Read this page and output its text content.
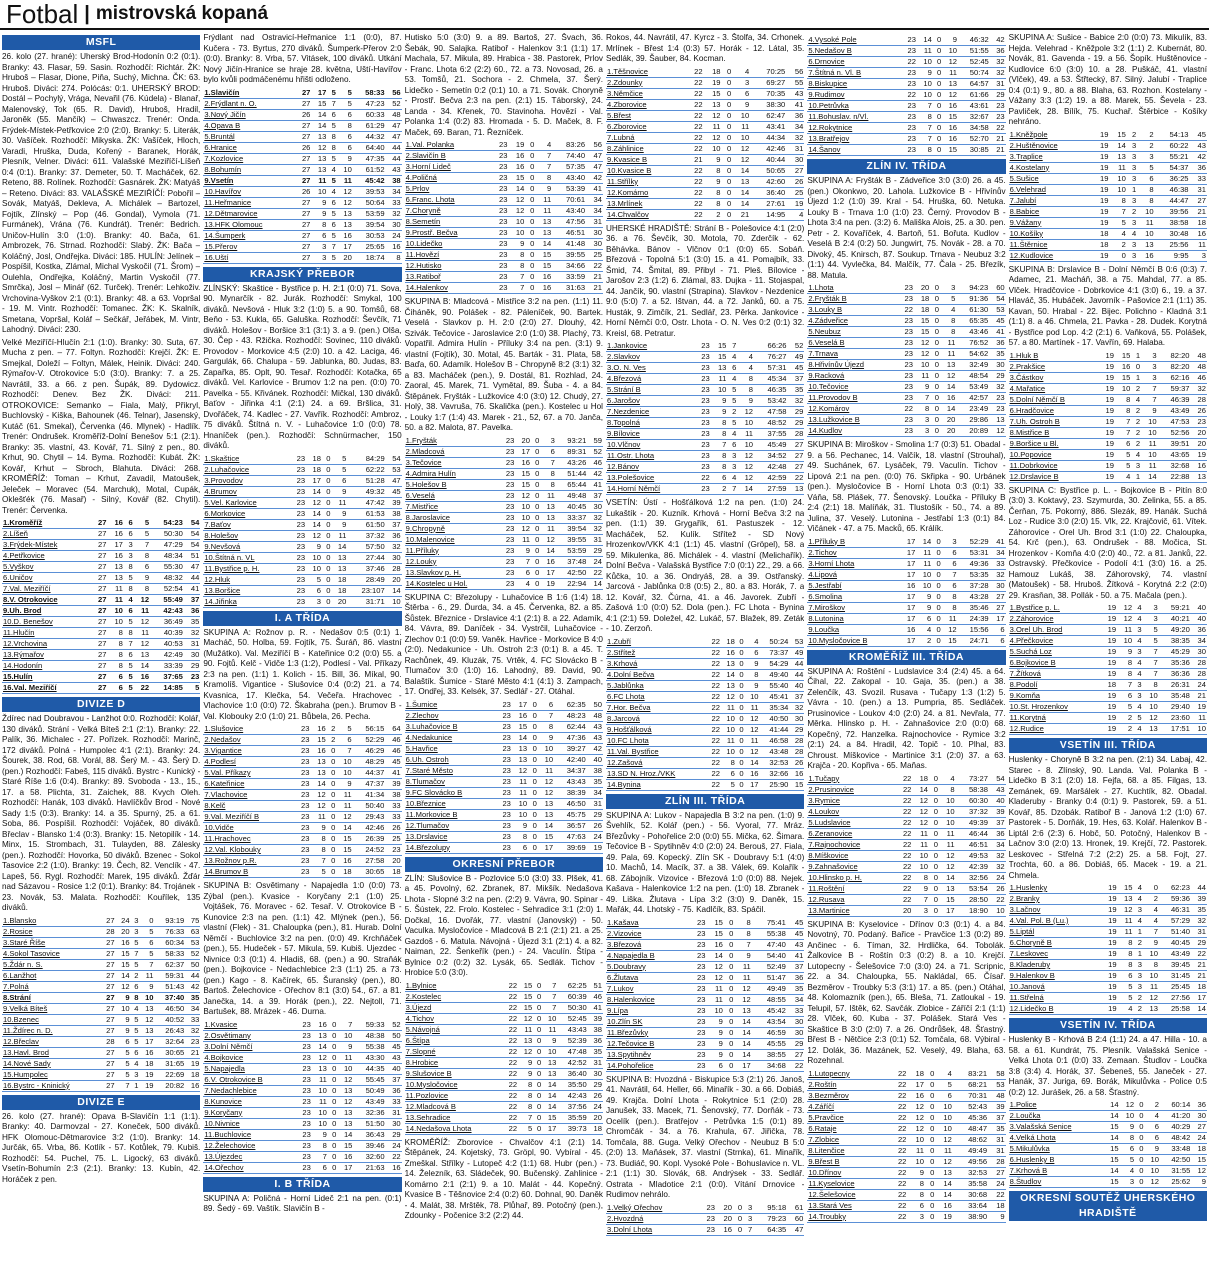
Fotbal | mistrovská kopaná
MSFL

26. kolo (27. hrané): Uherský Brod-Hodonín 0:2 (0:1). Branky: 43. Flasar, 59. Sasin. Rozhodčí: Richtár. ŽK: Hruboš – Flasar, Dione, Piňa, Suchý, Michna. ČK: 63. Hruboš. Diváci: 274. Polócás: 0:1. UHERSKÝ BROD: Dostál – Pochylý, Vrága, Nevařil (76. Kúdela) - Blanař, Malenovský, Tok (65. R. David), Hruboš, Hradil, Jaroněk (55. Mančík) – Chwaszcz. Trenér: Onda. Frýdek-Místek-Petřkovice 2:0 (2:0). Branky: 5. Literák, 30. Vašíček. Rozhodčí: Mikyska. ŽK: Vašíček, Hloch, Varadi, Hruška, Duda, Kořený - Baranek, Horák, Plesník, Velner. Diváci: 611. Valašské Meziříčí-Líšeň 0:4 (0:1). Branky: 37. Demeter, 50. T. Macháček, 62. Reteno, 88. Rolínek. Rozhodčí: Gasnárek. ŽK: Matyáš – Reteno. Diváci: 83. VALAŠSKÉ MEZIŘÍČÍ: Pobořil – Sovák, Matyáš, Dekleva, A. Michálek – Bartozel, Fojtík, Zlínský – Pop (46. Gondal), Vymola (71. Furmánek), Vrána (76. Kundrát). Trenér: Bedrich. Uničov-Hulín 3:0 (1:0). Branky: 40. Bača, 61. Ambrozek, 76. Strnad. Rozhodčí: Slabý. ŽK: Bača – Koláčný, Josl, Ondřejka. Diváci: 185. HULÍN: Jelínek – Pospíšil, Kostka, Zlámal, Michal Vyskočil (71. Šrom) – Oulehla, Ondřejka, Koláčný, Martin Vyskočil (77. Smrčka), Josl – Minář (62. Turček). Trenér: Lehkoživ. Vrchovina-Vyškov 2:1 (0:1). Branky: 48. a 63. Vopršal - 19. M. Vintr. Rozhodčí: Tomanec. ŽK: K. Skalník, Smetana, Vopršal, Koláf – Sečkář, Jeřábek, M. Vintr, Lahodný. Diváci: 230.

Velké Meziříčí-Hlučín 2:1 (1:0). Branky: 30. Suta, 67. Mucha z pen. – 77. Foltyn. Rozhodčí: Krejčí. ŽK: E. Smejkal, Doleží – Foltyn, Málek, Heinik. Diváci: 240. Rýmařov-V. Otrokovice 5:0 (3:0). Branky: 7. a 25. Navrátil, 33. a 66. z pen. Šupák, 89. Dydowicz. Rozhodčí: Denev. Bez ŽK. Diváci: 211. OTROKOVICE: Semanko – Fiala, Malý, Přikryl, Buchlovský - Kiška, Bahounek (46. Telnar), Jasenský, Kutáč (61. Smekal), Červenka (46. Mlynek) - Hadlík. Trenér: Ondrušek. Kroměříž-Dolní Benešov 5:1 (2:1). Branky: 35. vlastní, 43. Kovář, 71. Silný z pen., 80. Krhut, 90. Chytil – 14. Byma. Rozhodčí: Kubát. ŽK: Kovář, Krhut – Sbroch, Blahuta. Diváci: 268. KROMĚŘÍŽ: Toman – Krhut, Zavadil, Matoušek, Jeleček – Moravec (54. Marchuk), Motal, Cupák, Oklešťék (76. Masař) - Silný, Kovář (82. Chytil). Trenér: Červenka.

1.Kroměříž	27	16	6	5	54:23	54
2.Líšeň	27	16	6	5	50:30	54
3.Frýdek-Místek	27	17	3	7	47:29	54
4.Petřkovice	27	16	3	8	48:34	51
5.Vyškov	27	13	8	6	55:30	47
6.Uničov	27	13	5	9	48:32	44
7.Val. Meziříčí	27	11	8	8	52:54	41
8.V. Otrokovice	27	11	4	12	55:49	37
9.Uh. Brod	27	10	6	11	42:43	36
10.D. Benešov	27	10	5	12	36:49	35
11.Hlučín	27	8	8	11	40:39	32
12.Vrchovina	27	8	7	12	40:53	31
13.Rýmařov	27	8	6	13	42:49	30
14.Hodonín	27	8	5	14	33:39	29
15.Hulín	27	6	5	16	37:65	23
16.Val. Meziříčí	27	6	5	22	14:85	5
DIVIZE D

Ždírec nad Doubravou - Lanžhot 0:0. Rozhodčí: Kolář, 130 diváků. Strání - Velká Bíteš 2:1 (2:1). Branky: 22. Palík, 36. Michalec - 27. Pořízek. Rozhodčí: Marinč, 172 diváků. Polná - Humpolec 4:1 (2:1). Branky: 24. Šourek, 38. Rod, 68. Vorál, 88. Šerý M. - 43. Šerý D.(pen.) Rozhodčí: Fabeš, 115 diváků. Bystrc - Kunický - Staré Říše 1:6 (0:4). Branky: 89. Svoboda - 13., 15., 17. a 58. Plichta, 31. Zaichek, 88. Kvych Oleh. Rozhodčí: Hanák, 103 diváků. Havlíčkův Brod - Nové Sady 1:5 (0:3). Branky: 14. a 35. Spurný, 25. a 61. Soba, 86. Pospíšil. Rozhodčí: Vojáček, 80 diváků. Břeclav - Blansko 1:4 (0:3). Branky: 15. Netopilík - 14. Minx, 15. Strombach, 31. Tulayden, 88. Zálesky (pen.). Rozhodčí: Hovorka, 50 diváků. Bzenec - Sokol Tasovice 2:2 (1:0). Branky: 19. Čech, 82. Venclík - 47. Lapeš, 56. Rygl. Rozhodčí: Marek, 195 diváků. Žďár nad Sázavou - Rosice 1:2 (0:1). Branky: 84. Trojánek - 23. Novák, 53. Malata. Rozhodčí: Kouřílek, 135 diváků.

1.Blansko	27	24	3	0	93:19	75
2.Rosice	28	20	3	5	76:33	63
3.Staré Říše	27	16	5	6	60:34	53
4.Sokol Tasovice	27	15	7	5	58:33	52
5.Ždár n. S.	27	15	5	7	62:37	50
6.Lanžhot	27	14	2	11	59:31	44
7.Polná	27	12	6	9	51:43	42
8.Strání	27	9	8	10	37:40	35
9.Velká Bíteš	27	10	4	13	46:50	34
10.Bzenec	27	9	5	12	40:52	33
11.Ždírec n. D.	27	9	5	13	26:43	32
12.Břeclav	28	6	5	17	32:64	23
13.Havl. Brod	27	5	6	16	30:65	21
14.Nové Sady	27	5	4	18	31:65	19
15.Humpolec	27	5	3	19	22:69	18
16.Bystrc - Kninický	27	7	1	19	20:82	16
DIVIZE E

26. kolo (27. hrané): Opava B-Slavičín 1:1 (1:1). Branky: 40. Darmovzal - 27. Koneček, 500 diváků. HFK Olomouc-Dětmarovice 3:2 (1:0). Branky: 14. Jurčák, 65. Vrba, 86. Kotlík - 57. Kotůlek, 79. Kubiš. Rozhodčí: 54. Puchel, 75. L. Ligocký, 63 diváků. Vsetín-Bohumín 2:3 (2:1). Branky: 13. Kubín, 42. Horáček z pen.

Frýdlant nad Ostravicí-Heřmanice 1:1 (0:0), 87. Kučera - 73. Byrtus, 270 diváků. Šumperk-Přerov 2:0 (0:0). Branky: 8. Vrba, 57. Vitásek, 100 diváků. Utkání Nový Jičín-Hranice se hraje 28. května, Uští-Havířov bylo kvůli podmáčenému hřišti odloženo.

1.Slavičín	27	17	5	5	58:33	56
2.Frýdlant n. O.	27	15	7	5	47:23	52
3.Nový Jičín	26	14	6	6	60:33	48
4.Opava B	27	14	5	8	61:29	47
5.Bruntál	27	13	8	6	44:32	47
6.Hranice	26	12	8	6	64:40	44
7.Kozlovice	27	13	5	9	47:35	44
8.Bohumín	27	13	4	10	61:52	43
9.Vsetín	27	11	5	11	45:42	38
10.Havířov	26	10	4	12	39:53	34
11.Heřmanice	27	9	6	12	50:64	33
12.Dětmarovice	27	9	5	13	53:59	32
13.HFK Olomouc	27	8	6	13	39:54	30
14.Šumperk	27	6	5	16	30:53	24
15.Přerov	27	3	7	17	25:65	16
16.Uští	27	3	5	20	18:74	8
KRAJSKÝ PŘEBOR

ZLÍNSKÝ: Skaštice - Bystřice p. H. 2:1 (0:0) 71. Sova, 90. Mynarčík - 82. Jurák. Rozhodčí: Smykal, 100 diváků. Nevšová - Hluk 3:2 (1:0) 5. a 90. Tomšů, 68. Beňo - 53. Kukla, 65. Galuška. Rozhodčí: Ševčík, 71 diváků. Holešov - Boršice 3:1 (3:1) 3. a 9. (pen.) Olša, 30. Čep - 43. Ržička. Rozhodčí: Sovinec, 110 diváků. Provodov - Morkovice 4:5 (2:0) 10. a 42. Laciga, 46. Gargulák, 66. Chalupa - 59. Jablunka, 80. Judas, 83. Zapařka, 85. Oplt, 90. Tesař. Rozhodčí: Kotačka, 65 diváků. Vel. Karlovice - Brumov 1:2 na pen. (0:0) 70. Pavelka - 55. Křivánek. Rozhodčí: Mičkal, 130 diváků. Baťov - Jiřinka 4:1 (2:1) 24. a 69. Bršlica, 31. Dvořáček, 74. Kadlec - 27. Vavřík. Rozhodčí: Ambroz, 75 diváků. Štítná n. V. - Luhačovice 1:0 (0:0) 78. Hnaníček (pen.). Rozhodčí: Schnürmacher, 150 diváků.

1.Skaštice	23	18	0	5	84:29	54
2.Luhačovice	23	18	0	5	62:22	53
3.Provodov	23	17	0	6	51:28	47
4.Brumov	23	14	0	9	49:32	45
5.Vel. Karlovice	23	12	0	11	47:42	39
6.Morkovice	23	14	0	9	61:53	38
7.Baťov	23	14	0	9	61:50	37
8.Holešov	23	12	0	11	37:32	36
9.Nevšová	23	9	0	14	57:50	32
10.Štítná n. VL	23	10	0	13	27:44	30
11.Bystřice p. H.	23	10	0	13	37:46	28
12.Hluk	23	5	0	18	28:49	20
13.Boršice	23	6	0	18	23:107	14
14.Jiřinka	23	3	0	20	31:71	10
I. A TŘÍDA

SKUPINA A: Rožnov p. R. - Nedašov 0:5 (0:1) 1. Macháč, 50. Holba, 59. Fojtík, 75. Šuráň, 86. vlastní (Mužátko). Val. Meziříčí B - Kateřinice 0:2 (0:0) 55. a 90. Fojtů. Kelč - Vidče 1:3 (1:2), Podlesí - Val. Příkazy 2:3 na pen. (1:1) 1. Kolich - 15. Bill, 36. Míkal, 90. Kramolíš. Vigantice - Slušovice 0:4 (0:2) 21. a 74. Kvasnica, 17. Klečka, 54. Večeřa. Hrachovec - Vlachovice 1:0 (0:0) 72. Škabraha (pen.). Brumov B - Val. Klobouky 2:0 (1:0) 21. Bůbela, 26. Pecha.

1.Slušovice	23	16	2	5	56:15	64
2.Nedašov	23	15	2	6	52:29	46
3.Vigantice	23	16	0	7	46:29	46
4.Podlesí	23	13	0	10	48:29	45
5.Val. Příkazy	23	13	0	10	44:37	41
6.Kateřinice	23	14	0	9	47:37	39
7.Vlachovice	23	12	0	11	41:34	38
8.Kelč	23	12	0	11	50:40	33
9.Val. Meziříčí B	23	11	0	12	29:43	33
10.Vidče	23	9	0	14	42:46	26
11.Hrachovec	23	8	0	15	26:39	25
12.Val. Klobouky	23	8	0	15	24:52	23
13.Rožnov p.R.	23	7	0	16	27:58	20
14.Brumov B	23	5	0	18	30:65	18

SKUPINA B: Osvětimany - Napajedla 1:0 (0:0) 73. Zýbal (pen.). Kvasice - Koryčany 2:1 (1:0) 25. Vojtášek, 76. Moravec - 62. Tesař. V. Otrokovice B - Kunovice 2:3 na pen. (1:1) 42. Mlýnek (pen.), 56. vlastní (Flek) - 31. Chaloupka (pen.), 81. Hurab. Dolní Němčí - Buchlovice 3:2 na pen. (0:0) 49. Krchňáček (pen.), 55. Hudeček - 57. Mikula, 59. Kubiš. Ujezdec - Nivnice 0:3 (0:1) 4. Hladiš, 68. (pen.) a 90. Straňák (pen.). Bojkovice - Nedachlebice 2:3 (1:1) 25. a 73. (pen.) Kago - 8. Kačírek, 65. Šuranský (pen.), 80. Bartoš. Želechovice - Ořechov 8:1 (3:0) 54., 67. a 81. Janečka, 14. a 39. Horák (pen.), 22. Nejtoll, 71. Bartušek, 88. Mrázek - 46. Durna.

1.Kvasice	23	16	0	7	59:33	52
2.Osvětimany	23	13	0	10	48:38	50
3.Dolní Němčí	23	14	0	9	55:38	45
4.Bojkovice	23	12	0	11	43:30	43
5.Napajedla	23	13	0	10	44:35	40
6.V. Otrokovice B	23	11	0	12	55:45	37
7.Nedachlebice	23	10	0	13	50:49	36
8.Kunovice	23	11	0	12	43:49	33
9.Koryčany	23	10	0	13	32:36	31
10.Nivnice	23	10	0	13	51:50	30
11.Buchlovice	23	9	0	14	36:43	29
12.Želechovice	23	8	0	15	39:46	24
13.Újezdec	23	7	0	16	32:60	22
14.Ořechov	23	6	0	17	21:63	16
I. B TŘÍDA

SKUPINA A: Poličná - Horní Lideč 2:1 na pen. (0:1) 89. Šedý - 69. Vaštík. Slavičín B -

Hutisko 5:0 (3:0) 9. a 89. Bartoš, 27. Švach, 36. Šebák, 90. Salajka. Ratiboř - Halenkov 3:1 (1:1) 17. Machala, 57. Mikula, 89. Hrabica - 38. Pastorek, Prlov - Franc. Lhota 6:2 (2:2) 60., 72. a 73. Novosad, 26. a 53. Tomšů, 21. Sochora - 2. Chmela, 37. Šerý. Lidečko - Semetín 0:2 (0:1) 10. a 71. Sovák. Choryně - Prostř. Bečva 2:3 na pen. (2:1) 15. Táborský, 24. Landa - 34. Křenek, 70. Stavinoha. Hovězí - Val. Polanka 1:4 (0:2) 83. Hromada - 5. D. Maček, 8. F. Maček, 69. Baran, 71. Řezníček.

1.Val. Polanka	23	19	0	4	83:26	56
2.Slavičín B	23	16	0	7	74:40	47
3.Horní Lideč	23	16	0	7	57:35	47
4.Poličná	23	15	0	8	43:40	42
5.Prlov	23	14	0	9	53:39	41
6.Franc. Lhota	23	12	0	11	70:61	34
7.Choryně	23	12	0	11	43:40	34
8.Semetín	23	10	0	13	47:56	31
9.Prostř. Bečva	23	10	0	13	46:51	30
10.Lidečko	23	9	0	14	41:48	30
11.Hovězí	23	8	0	15	39:55	25
12.Hutisko	23	8	0	15	34:66	22
13.Ratiboř	23	7	0	16	33:59	21
14.Halenkov	23	7	0	16	31:63	21

SKUPINA B: Mladcová - Mistřice 3:2 na pen. (1:1) 11. Čiháněk, 90. Polášek - 82. Páleníček, 90. Bartek. Veselá - Slavkov p. H. 2:0 (2:0) 27. Dlouhý, 42. Szivák. Tečovice - Jaroslavice 2:0 (1:0) 38. Plachý, 73. Vopatřil. Admira Hulín - Příluky 3:4 na pen. (3:1) 9. vlastní (Fojtík), 30. Motal, 45. Barták - 31. Plata, 58. Baďa, 60. Adamík. Holešov B - Chropyně 8:2 (3:1) 32. a 83. Macháček (pen.), 9. Dostál, 81. Rozhlad, 24. Zaoral, 45. Marek, 71. Vymětal, 89. Šuba - 4. a 84. Štěpánek. Fryšták - Lužkovice 4:0 (3:0) 12. Chudý, 27. Holý, 38. Vavruša, 76. Skalička (pen.). Kostelec u Hol - Louky 1:7 (1:4) 43. Marek - 21., 52, 67. a 70. Janča, 50. a 82. Malota, 87. Pavelka.

1.Fryšták	23	20	0	3	93:21	59
2.Mladcová	23	17	0	6	89:31	52
3.Tečovice	23	16	0	7	43:26	46
4.Admira Hulín	23	15	0	8	51:44	42
5.Holešov B	23	15	0	8	65:44	41
6.Veselá	23	12	0	11	49:48	37
7.Mistřice	23	10	0	13	40:45	30
8.Jaroslavice	23	10	0	13	33:37	32
9.Chropyně	23	12	0	11	39:54	32
10.Malenovice	23	11	0	12	39:55	31
11.Příluky	23	9	0	14	53:59	29
12.Louky	23	7	0	16	37:48	24
13.Slavkov p. H.	23	6	0	17	42:50	22
14.Kostelec u Hol.	23	4	0	19	22:94	14

SKUPINA C: Březolupy - Luhačovice B 1:6 (1:4) 18. Štěrba - 6., 29. Ďurda, 34. a 45. Červenka, 82. a 85. Šůstek. Březnice - Drslavice 4:1 (2:1) 8. a 22. Adamík, 84. Vávra, 89. Daníček - 34. Vystrčil, Luhačovice - Zlechov 0:1 (0:0) 59. Vaněk. Havřice - Morkovice B 4:0 (2:0). Nedakunice - Uh. Ostroh 2:3 (0:1) 8. a 45. T. Rachůnek, 49. Kluzák, 75. Vrtěk, 4. FC Slovácko B - Tlumačov 3:0 (1:0) 16. Lahodný, 89. David, 90. Balaštík. Šumice - Staré Město 4:1 (4:1) 3. Zampach, 17. Ondřej, 33. Kelsék, 37. Sedlář - 27. Otáhal.

1.Šumice	23	17	0	6	62:35	50
2.Zlechov	23	16	0	7	48:23	48
3.Luhačovice B	23	15	0	8	62:44	43
4.Nedakunice	23	14	0	9	47:36	43
5.Havřice	23	13	0	10	39:27	42
6.Uh. Ostroh	23	13	0	10	42:40	40
7.Staré Město	23	12	0	11	34:37	38
8.Tlumačov	23	11	0	12	43:43	35
9.FC Slovácko B	23	11	0	12	38:39	34
10.Březnice	23	10	0	13	46:50	31
11.Morkovice B	23	10	0	13	45:75	29
12.Tlumačov	23	9	0	14	36:57	26
13.Drslavice	23	8	0	15	47:63	24
14.Březolupy	23	6	0	17	39:69	19
OKRESNÍ PŘEBOR

ZLÍN: Slušovice B - Pozlovice 5:0 (3:0) 33. Plšek, 41. a 45. Povolný, 62. Zbranek, 87. Mikšík. Nedašova Lhota - Slopné 3:2 na pen. (2:2) 9. Vávra, 90. Spinar - 5. Šústek, 22. Frolo. Kostelec - Sehradice 3:1 (2:0) 1. Dočkal, 16. Dvořák, 77. vlastní (Janovský) - 50. Vaculka. Mysločovice - Mladcová B 2:1 (2:1) 21. a 25. Gazdoš - 6. Matula. Návojná - Újezd 3:1 (2:1) 4. a 82. Naiman, 22. Šenkeřík (pen.) - 24. Vaculín. Štípa - Bylnice 0:2 (0:2) 32. Lysák, 65. Sedlák. Tichov - Hrobice 5:0 (3:0).

1.Bylnice	22	15	0	7	62:25	51
2.Kostelec	22	15	0	7	60:39	46
3.Újezd	22	15	0	7	50:30	41
4.Tichov	22	12	0	10	52:45	39
5.Návojná	22	11	0	11	43:43	38
6.Štípa	22	13	0	9	52:39	36
7.Slopné	22	12	0	10	47:48	35
8.Hrobice	22	9	0	13	42:52	31
9.Slušovice B	22	9	0	13	36:40	30
10.Mysločovice	22	8	0	14	35:50	29
11.Pozlovice	22	8	0	14	42:43	26
12.Mladcová B	22	8	0	14	37:56	24
13.Sehradice	22	7	0	15	35:59	20
14.Nedašova Lhota	22	5	0	17	39:73	18

KROMĚŘÍŽ: Zborovice - Chvalčov 4:1 (2:1) 14. Štěpánek, 24. Kojetský, 73. Gröpl, 90. Vybíral - 45. Zmeškal. Střílky - Lutopeč 4:2 (1:1) 68. Hubr (pen.) - 14. Železník, 63. Sládeček, 90. Bučenský. Zahlinice - Komárno 2:1 (2:1) 9. a 10. Malát - 44. Kopečný. Kvasice B - Těšnovice 2:4 (0:2) 60. Dohnal, 90. Daněk - 4. Malát, 38. Mrštěk, 78. Plůhař, 89. Potočný (pen.), Zdounky - Počenice 3:2 (2:2) 44.

Rokos, 44. Navrátil, 47. Kyrcz - 3. Štolfa, 34. Crhonek. Mrlínek - Břest 1:4 (0:3) 57. Horák - 12. Látal, 35. Sedlák, 39. Šauber, 84. Kocman.

1.Těšnovice	22	18	0	4	70:25	56
2.Zdounky	22	19	0	3	69:27	55
3.Němčice	22	15	0	6	70:35	43
4.Zborovice	22	13	0	9	38:30	41
5.Břest	22	12	0	10	62:47	36
6.Zborovice	22	11	0	11	43:41	34
7.Lubná	22	12	0	10	44:34	32
8.Záhlinice	22	10	0	12	42:46	31
9.Kvasice B	21	9	0	12	40:44	30
10.Kvasice B	22	8	0	14	50:65	27
11.Střílky	22	9	0	13	42:60	26
12.Komárno	22	8	0	14	36:40	25
13.Mrlínek	22	8	0	14	27:61	19
14.Chvalčov	22	2	0	21	14:95	4

UHERSKÉ HRADIŠTĚ: Strání B - Polešovice 4:1 (2:0) 36. a 76. Ševčík, 30. Motola, 70. Zderčík - 62. Běhávka. Bánov - Vlčnov 0:1 (0:0) 65. Sobáň. Březová - Topolná 5:1 (3:0) 15. a 41. Pomajbík, 33. Šmid, 74. Šmital, 89. Přibyl - 71. Pleš. Bílovice - Jarošov 2:3 (1:2) 6. Zlámal, 83. Dujka - 11. Stojaspal, 44. Jančík, 90. vlastní (Strapina). Slavkov - Nezdenice 9:0 (5:0) 7. a 52. Ištvan, 44. a 72. Janků, 60. a 75. Husták, 9. Zimčík, 21. Sedlář, 23. Pěrka. Jankovice - Horní Němčí 0:0, Ostr. Lhota - O. N. Ves 0:2 (0:1) 32. Kreisl, 68. Petratur.

1.Jankovice	23	15	7		66:26	52
2.Slavkov	23	15	4	4	76:27	49
3.O. N. Ves	23	13	6	4	57:31	45
4.Březová	23	11	4	8	45:34	37
5.Strání B	23	10	5	8	46:35	35
6.Jarošov	23	9	5	9	53:42	32
7.Nezdenice	23	9	2	12	47:58	29
8.Topolná	23	8	5	10	48:52	29
9.Bílovice	23	8	4	11	37:55	28
10.Vlčnov	23	7	6	10	45:49	27
11.Ostr. Lhota	23	8	3	12	34:52	27
12.Bánov	23	8	3	12	42:48	27
13.Polešovice	22	6	4	12	42:59	22
14.Horní Němčí	23	2	7	14	27:59	13

VSETÍN: Ústí - Hošťálková 1:2 na pen. (1:0) 24. Lukaštík - 20. Kuzník. Krhová - Horní Bečva 3:2 na pen. (1:1) 39. Grygařík, 61. Pastuszek - 12. Macháček, 52. Kulík. Střítež - SD Nový Hrozenkov/VKK 4:1 (1:1) 45. vlastní (Gröpel), 58. a 59. Mikulenka, 86. Michálek - 4. vlastní (Melichařík). Dolní Bečva - Valašská Bystřice 7:0 (0:1) 22., 29. a 66. Kůčka, 10. a 36. Ondryáš, 28. a 39. Ostřanský. Jarcová - Jablůnka 0:8 (0:5) 2., 80. a 83. Horák, 7. a 12. Kovář, 32. Čúrna, 41. a 46. Javorek. Zubří - Zašová 1:0 (0:0) 52. Dola (pen.). FC Lhota - Bynina 4:1 (2:1) 59. Doležel, 42. Lukáč, 57. Blažek, 89. Zeták - 10. Zerzoň.

1.Zubří	22	18	0	4	50:24	53
2.Střítež	22	16	0	6	73:37	49
3.Krhová	22	13	0	9	54:29	44
4.Dolní Bečva	22	14	0	8	49:40	44
5.Jablůnka	22	13	0	9	55:40	40
6.FC Lhota	22	12	0	10	45:41	37
7.Hor. Bečva	22	11	0	11	35:34	32
8.Jarcová	22	10	0	12	40:50	30
9.Hošťálková	22	10	0	12	41:44	29
10.FC Lhota	22	11	0	11	46:58	28
11.Val. Bystřice	22	10	0	12	43:48	28
12.Zašová	22	8	0	14	32:53	26
13.SD N. Hroz./VKK	22	6	0	16	32:66	16
14.Bynina	22	5	0	17	25:90	15
ZLÍN III. TŘÍDA

SKUPINA A: Lukov - Napajedla B 3:2 na pen. (1:0) 9. Švehlík, 52. Kolář (pen.) - 56. Vyoral, 77. Mráz. Březůvky - Pohořelice 2:0 (0:0) 55. Mička, 62. Šimara. Tečovice B - Spytihněv 4:0 (2:0) 24. Berouš, 27. Fiala, 49. Pala, 69. Kopecký. Zlín SK - Doubravy 5:1 (4:0) 10. Machů, 14. Macík, 37. a 38. Válek, 69. Kolařík - 68. Zábojník. Vizovice - Březová 1:0 (0:0) 88. Nejek. Kašava - Halenkovice 1:2 na pen. (1:0) 18. Zbranek - 49. Liška. Žlutava - Lípa 3:2 (3:0) 9. Daněk, 15. Mařák, 44. Lhotský - 75. Kadlčík, 83. Spáčil.

1.Kašava	23	15	0	8	75:41	45
2.Vizovice	23	15	0	8	55:38	45
3.Březová	23	16	0	7	47:40	43
4.Napajedla B	23	14	0	9	54:40	41
5.Doubravy	23	12	0	11	52:49	37
6.Žlutava	23	12	0	11	51:47	36
7.Lukov	23	11	0	12	49:49	35
8.Halenkovice	23	11	0	12	48:55	34
9.Lípa	23	10	0	13	45:42	33
10.Zlín SK	23	9	0	14	43:54	30
11.Březůvky	23	9	0	14	46:59	30
12.Tečovice B	23	9	0	14	45:55	29
13.Spytihněv	23	9	0	14	38:55	27
14.Pohořelice	23	6	0	17	34:68	22

SKUPINA B: Hvozdná - Biskupice 5:3 (2:1) 26. Janoš, 41. Navrátil, 64. Heller, 66. Minařík - 30. a 66. Dobiáš, 49. Krajča. Dolní Lhota - Rokytnice 5:1 (2:0) 28. Janušek, 33. Macek, 71. Šenovský, 77. Dorňák - 73. Ocelík (pen.). Bratřejov - Petrůvka 1:5 (0:1) 89. Chromčák - 34. a 76. Krahula, 67. Jiřička, 78. Tomčala, 88. Guga. Velký Ořechov - Neubuz B 5:0 (2:0) 13. Maňásek, 37. vlastní (Strnka), 61. Minařík, 73. Budiáč, 90. Kopl. Vysoké Pole - Bohuslavice n. VL. 2:1 (1:1) 30. Slovák, 68. Andrýsek - 33. Sedlář. Ostrata - Mladotice 2:1 (0:0). Vítání Drnovice - Rudimov nehrálo.

1.Velký Ořechov	23	20	0	3	95:18	61
2.Hvozdná	23	20	0	3	79:23	60
3.Dolní Lhota	23	16	0	7	64:35	47
4.Vysoké Pole	23	14	0	9	46:32	42
5.Nedašov B	23	11	0	10	51:55	36
6.Drnovice	22	10	0	12	52:45	32
7.Štítná n. Vl. B	23	9	0	11	50:74	32
8.Biskupice	23	10	0	13	64:57	31
9.Rudimov	22	10	0	12	61:66	29
10.Petrůvka	23	7	0	16	43:61	23
11.Bohuslav. n/Vl.	23	8	0	15	32:67	23
12.Rokytnice	23	7	0	16	34:58	22
13.Bratřejov	23	7	0	16	52:70	21
14.Šanov	23	8	0	15	30:85	21
ZLÍN IV. TŘÍDA

SKUPINA A: Fryšták B - Zádveřice 3:0 (3:0) 26. a 45. (pen.) Okonkwo, 20. Lahola. Lužkovice B - Hřivínův Újezd 1:2 (1:0) 39. Kral - 54. Hruška, 60. Netuka. Louky B - Trnava 1:0 (1:0) 23. Černý. Provodov B - Lhota 3:4 na pen. (3:2) 6. Mališka Alois, 25. a 30. pen. Petr - 2. Kovaříček, 4. Bartoň, 51. Bořuta. Kudlov - Veselá B 2:4 (0:2) 50. Jungwirt, 75. Novák - 28. a 70. Divoký, 45. Knirsch, 87. Soukup. Trnava - Neubuz 3:2 (1:1) 44. Vyvlečka, 84. Malčík, 77. Čala - 25. Březík, 88. Matula.

1.Lhota	23	20	0	3	94:23	60
2.Fryšták B	23	18	0	5	91:36	54
3.Louky B	22	18	0	4	61:30	53
4.Zádveřice	23	15	0	8	65:35	45
5.Neubuz	23	15	0	8	43:46	41
6.Veselá B	23	12	0	11	76:52	36
7.Trnava	23	12	0	11	54:62	35
8.Hřivínův Újezd	23	10	0	13	32:49	30
9.Racková	23	11	0	12	48:54	29
10.Tečovice	23	9	0	14	53:49	32
11.Provodov B	23	7	0	16	42:57	23
12.Komárov	22	8	0	14	23:49	23
13.Lužkovice B	23	3	0	20	29:86	13
14.Kudlov	23	3	0	20	20:89	12

SKUPINA B: Miroškov - Smolina 1:7 (0:3) 51. Obadal - 9. a 56. Pechanec, 14. Valčík, 18. vlastní (Strouhal), 49. Suchánek, 67. Lysáček, 79. Vaculín. Tichov - Lipová 2:1 na pen. (0:0) 76. Skřipka - 90. Urbánek (pen.). Mysločovice B - Horní Lhota 0:3 (0:1) 33. Váňa, 58. Plášek, 77. Šenovský. Loučka - Příluky B 2:4 (2:1) 18. Malíňák, 31. Tlustošík - 50., 74. a 89. Julina, 37. Veselý. Lutonina - Jestřabí 1:3 (0:1) 84. Vičánek - 47. a 75. Macků, 65. Králík.

1.Příluky B	17	14	0	3	52:29	41
2.Tichov	17	11	0	6	53:31	34
3.Horní Lhota	17	11	0	6	49:36	33
4.Lipová	17	10	0	7	53:35	32
5.Jestřabí	16	10	0	6	37:28	30
6.Smolina	17	9	0	8	43:28	27
7.Miroškov	17	9	0	8	35:46	27
8.Lutonina	17	6	0	11	24:39	17
9.Loučka	16	4	0	12	15:56	6
10.Mysločovice B	17	2	0	15	24:71	6
KROMĚŘÍŽ III. TŘÍDA

SKUPINA A: Roštění - Ludslavice 3:4 (2:4) 45. a 64. Čihal, 22. Zakopal - 10. Gaja, 35. (pen.) a 38. Zelenčík, 43. Svozil. Rusava - Tučapy 1:3 (1:2) 5. Vávra - 10. (pen.) a 13. Pumpria, 85. Sedláček. Prusinovice - Loukov 4:0 (2:0) 24. a 81. Nevřala, 77. Měrka. Hlinsko p. H. - Zahnašovice 2:0 (0:0) 68. Kopečný, 72. Hanzelka. Rajnochovice - Rymice 3:2 (2:1) 24. a 84. Hradil, 42. Topič - 10. Plhal, 83. Chroust. Míškovice - Martinice 3:1 (2:0) 37. a 63. Krajča - 20. Kopřiva - 65. Maňas.

1.Tučapy	22	18	0	4	73:27	54
2.Prusinovice	22	14	0	8	58:38	43
3.Rymice	22	12	0	10	60:30	40
4.Loukov	22	12	0	10	37:32	39
5.Ludslavice	22	12	0	10	49:39	37
6.Zeranovice	22	11	0	11	46:44	36
7.Rajnochovice	22	11	0	11	46:51	34
8.Míškovice	22	10	0	12	49:53	32
9.Zahnašovice	22	10	0	12	42:39	32
10.Hlinsko p. H.	22	8	0	14	32:56	24
11.Roštění	22	9	0	13	53:54	26
12.Rusava	22	7	0	15	28:50	22
13.Martinice	20	3	0	17	18:90	10

SKUPINA B: Kyselovice - Dřínov 0:3 (0:1) 4. a 84. Novotný, 70. Podaný. Bařice - Pravčice 1:3 (0:2) 89. Ančinec - 6. Tíman, 32. Hrdlička, 64. Tobolák. Žalkovice B - Roštín 0:3 (0:2) 8. a 10. Krejčí. Lutopecny - Šelešovice 7:0 (3:0) 24. a 71. Scripnic, 22. a 34. Chaloupka, 55. Nakládal, 65. Čísař. Bezměrov - Troubky 5:3 (3:1) 17. a 85. (pen.) Otáhal, 48. Kolomazník (pen.), 65. Bleša, 71. Zatloukal - 19. Telupil, 57. Ištěk, 62. Savčák. Zlobice - Záříčí 2:1 (1:1) 28. Vlček, 60. Kuba - 37. Polášek. Stará Ves - Skaštice B 3:0 (2:0) 7. a 26. Ondrůšek, 48. Šťastný. Břest B - Nětčice 2:3 (0:1) 52. Tomčala, 68. Výbiral - 12. Dolák, 36. Mazánek, 52. Veselý, 49. Blaha, 63. Rozehnal.

1.Lutopecny	22	18	0	4	83:21	58
2.Roštín	22	17	0	5	68:21	53
3.Bezměrov	22	16	0	6	70:31	48
4.Záříčí	22	12	0	10	52:43	39
5.Pravčice	22	12	0	10	45:36	37
6.Rataje	22	12	0	10	48:47	35
7.Zlobice	22	10	0	12	48:62	31
8.Litenčice	22	11	0	11	49:49	31
9.Břest B	22	10	0	12	49:56	28
10.Dřínov	22	9	0	13	32:53	27
11.Kyselovice	22	8	0	14	35:58	24
12.Šelešovice	22	8	0	14	30:68	22
13.Stará Ves	22	6	0	16	33:64	18
14.Troubky	22	3	0	19	38:90	9

SKUPINA A: Sušice - Babice 2:0 (0:0) 73. Mikulík, 83. Hejda. Velehrad - Kněžpole 3:2 (1:1) 2. Kubernát, 80. Novák, 81. Gavenda - 19. a 56. Šopík. Huštěnovice - Kudlovice 6:0 (3:0) 10. a 28. Puškáč, 41. vlastní (Vlček), 49. a 53. Štřtecký, 87. Silný. Jalubí - Traplice 0:4 (0:1) 9., 80. a 88. Blaha, 63. Rozhon. Kostelany - Vážany 3:3 (1:2) 19. a 88. Marek, 55. Ševela - 23. Pavliček, 28. Bílík, 75. Kuchař. Štěrbice - Košíky nehráno.

1.Kněžpole	19	15	2	2	54:13	45
2.Huštěnovice	19	14	3	2	60:22	43
3.Traplice	19	13	3	3	55:21	42
4.Kostelany	19	11	3	5	54:37	36
5.Sušice	19	10	3	6	36:25	33
6.Velehrad	19	10	1	8	46:38	31
7.Jalubí	19	8	3	8	44:47	27
8.Babice	19	7	2	10	39:56	21
9.Vážany	19	5	3	11	38:58	18
10.Košíky	18	4	4	10	30:48	16
11.Štěrnice	18	2	3	13	25:56	11
12.Kudlovice	19	0	3	16	9:95	3

SKUPINA B: Drslavice B - Dolní Němčí B 0:6 (0:3) 7. Adamec, 21. Macháň, 38. a 75. Mahdal, 77. a 85. Vlček. Hradčovice - Dobrkovice 4:1 (3:0) 6., 19. a 37. Hlaváč, 35. Hubáček. Javorník - Pašovice 2:1 (1:1) 35. Kavan, 50. Hrabal - 22. Bijec. Polichno - Kladná 3:1 (1:1) 8. a 46. Chmela, 21. Pavka - 28. Dudek. Korytná - Bystřice pod Lop. 4:2 (2:1) 6. Vaňková, 55. Polášek, 57. a 80. Martínek - 17. Vavřín, 69. Halaba.

1.Hluk B	19	15	1	3	82:20	48
2.Prakšice	19	16	0	3	82:20	48
3.Částkov	19	15	1	3	62:16	46
4.Mařatice	19	10	2	7	59:37	32
5.Dolní Němčí B	19	8	4	7	46:39	28
6.Hradčovice	19	8	2	9	43:49	26
7.Uh. Ostroh B	19	7	2	10	47:53	23
8.Mistřice B	19	7	2	10	52:56	20
9.Boršice u Bl.	19	6	2	11	39:51	20
10.Popovice	19	5	4	10	43:65	19
11.Dobrkovice	19	5	3	11	32:68	16
12.Drslavice B	19	4	1	14	22:88	13

SKUPINA C: Bystřice p. L. - Bojkovice B - Pitín 8:0 (3:0) 3. Koktavý, 23. Szymurda, 30. Zelinka, 55. a 85. Čerňan, 75. Pokorný, 886. Slezák, 89. Hanák. Suchá Loz - Rudice 3:0 (2:0) 15. Vlk, 22. Krajčovič, 61. Vítek. Záhorovice - Orel Uh. Brod 3:1 (1:0) 22. Chaloupka, 54. Krč (pen.), 63. Ondrušek - 88. Močica, St. Hrozenkov - Komňa 4:0 (2:0) 40., 72. a 81. Janků, 22. Ostravský. Přečkovice - Podolí 4:1 (3:0) 16. a 25. Hamouz Lukáš, 38. Záhorovský, 74. vlastní (Matoušek) - 58. Hruboš. Žítková - Korytná 2:2 (2:0) 29. Krasňan, 38. Pollák - 50. a 75. Mačala (pen.).

1.Bystřice p. L.	19	12	4	3	59:21	40
2.Záhorovice	19	12	4	3	40:21	40
3.Orel Uh. Brod	19	11	3	5	49:20	36
4.Přečkovice	19	10	4	5	38:35	34
5.Suchá Loz	19	9	3	7	45:29	30
6.Bojkovice B	19	8	4	7	35:36	28
7.Žítková	19	8	4	7	36:36	28
8.Podolí	18	7	3	8	26:31	24
9.Komňa	19	6	3	10	35:48	21
10.St. Hrozenkov	19	5	4	10	29:40	19
11.Korytná	19	2	5	12	23:60	11
12.Rudice	19	2	4	13	17:51	10
VSETÍN III. TŘÍDA

Huslenky - Choryně B 3:2 na pen. (2:1) 34. Labaj, 42. Starec - 8. Zlínský, 90. Landa. Val. Polanka B - Lidečko B 3:1 (2:0) 18. Fejfa, 68. a 85. Filgas, 13. Zemánek, 69. Maršálek - 27. Kuchtík, 82. Obadal. Kladeruby - Branky 0:4 (0:1) 9. Pastorek, 59. a 51. Kovář, 85. Dzobák. Ratiboř B - Janová 1:2 (1:0) 67. Pastorek - 5. Dorňák, 19. Hes, 63. Kolář. Halenkov B - Liptál 2:6 (2:3) 6. Hobč, 50. Potočný, Halenkov B - Lačnov 3:0 (2:0) 13. Hronek, 19. Krejčí, 72. Pastorek. Leskovec - Střelná 7:2 (2:2) 25. a 58. Fojt, 27. Trochta, 60. a 86. Dobiáš, 65. Macek - 19. a 21. Chmela.

1.Huslenky	19	15	4	0	62:23	44
2.Branky	19	13	4	2	59:36	39
3.Lačnov	19	12	3	4	46:31	35
4.Val. Pol. B (Lu.)	19	11	4	4	57:29	32
5.Liptál	19	11	1	7	51:40	31
6.Choryně B	19	8	2	9	40:45	29
7.Leskovec	19	8	1	10	43:49	22
8.Kladeruby	19	8	3	8	39:45	21
9.Halenkov B	19	6	3	10	31:45	21
10.Janová	19	5	3	11	25:45	18
11.Střelná	19	5	2	12	27:56	17
12.Lidečko B	19	4	2	13	25:58	14
VSETÍN IV. TŘÍDA

Huslenky B - Krhová B 2:4 (1:1) 24. a 47. Hilla - 10. a 58. a 61. Kundrát, 75. Plesník. Valašská Senice - Velká Lhota 0:1 (0:0) 33. Zemaan. Študlov - Loučka 3:8 (3:4) 4. Horák, 37. Šebeneš, 55. Janeček - 27. Hanák, 37. Juriga, 69. Borák, Mikulůvka - Police 0:5 (0:2) 12. Jurášek, 26. a 58. Šťastný.

1.Police	14	12	0	2	60:14	36
2.Loučka	14	10	0	4	41:20	30
3.Valašská Senice	15	9	0	6	40:29	27
4.Velká Lhota	14	8	0	6	48:42	24
5.Mikulůvka	15	6	0	9	33:48	18
6.Huslenky B	15	5	0	10	42:50	15
7.Krhová B	14	4	0	10	31:55	12
8.Študlov	15	3	0	12	25:62	9
OKRESNÍ SOUTĚŽ UHERSKÉHO HRADIŠTĚ
